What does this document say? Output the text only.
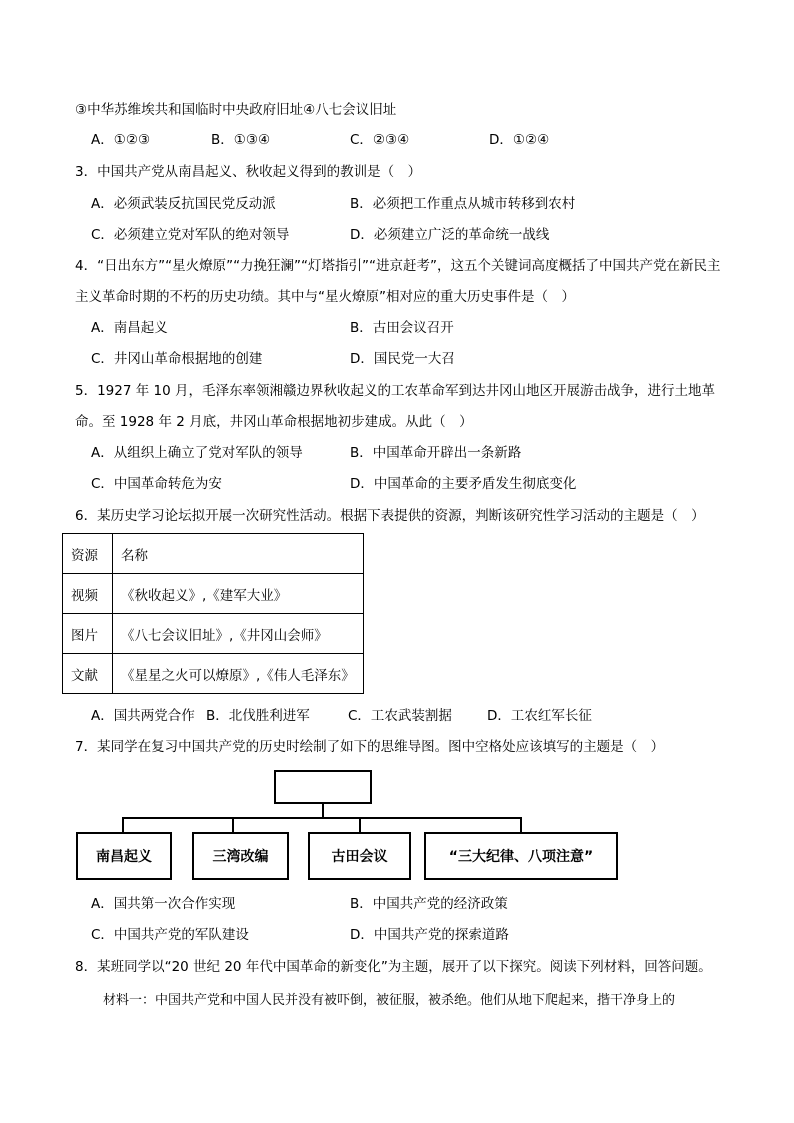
③中华苏维埃共和国临时中央政府旧址④八七会议旧址
A．①②③	B．①③④	C．②③④	D．①②④
3．中国共产党从南昌起义、秋收起义得到的教训是（　）
A．必须武装反抗国民党反动派	B．必须把工作重点从城市转移到农村
C．必须建立党对军队的绝对领导	D．必须建立广泛的革命统一战线
4．“日出东方”“星火燎原”“力挽狂澜”“灯塔指引”“进京赶考”，这五个关键词高度概括了中国共产党在新民主
主义革命时期的不朽的历史功绩。其中与“星火燎原”相对应的重大历史事件是（　）
A．南昌起义	B．古田会议召开
C．井冈山革命根据地的创建	D．国民党一大召
5．1927 年 10 月，毛泽东率领湘赣边界秋收起义的工农革命军到达井冈山地区开展游击战争，进行土地革
命。至 1928 年 2 月底，井冈山革命根据地初步建成。从此（　）
A．从组织上确立了党对军队的领导	B．中国革命开辟出一条新路
C．中国革命转危为安	D．中国革命的主要矛盾发生彻底变化
6．某历史学习论坛拟开展一次研究性活动。根据下表提供的资源，判断该研究性学习活动的主题是（　）
资源	名称
视频	《秋收起义》,《建军大业》
图片	《八七会议旧址》,《井冈山会师》
文献	《星星之火可以燎原》,《伟人毛泽东》
A．国共两党合作 B．北伐胜利进军	C．工农武装割据	D．工农红军长征
7．某同学在复习中国共产党的历史时绘制了如下的思维导图。图中空格处应该填写的主题是（　）
南昌起义	三湾改编	古田会议	“三大纪律、八项注意”
A．国共第一次合作实现	B．中国共产党的经济政策
C．中国共产党的军队建设	D．中国共产党的探索道路
8．某班同学以“20 世纪 20 年代中国革命的新变化”为主题，展开了以下探究。阅读下列材料，回答问题。
材料一：中国共产党和中国人民并没有被吓倒，被征服，被杀绝。他们从地下爬起来，揩干净身上的
